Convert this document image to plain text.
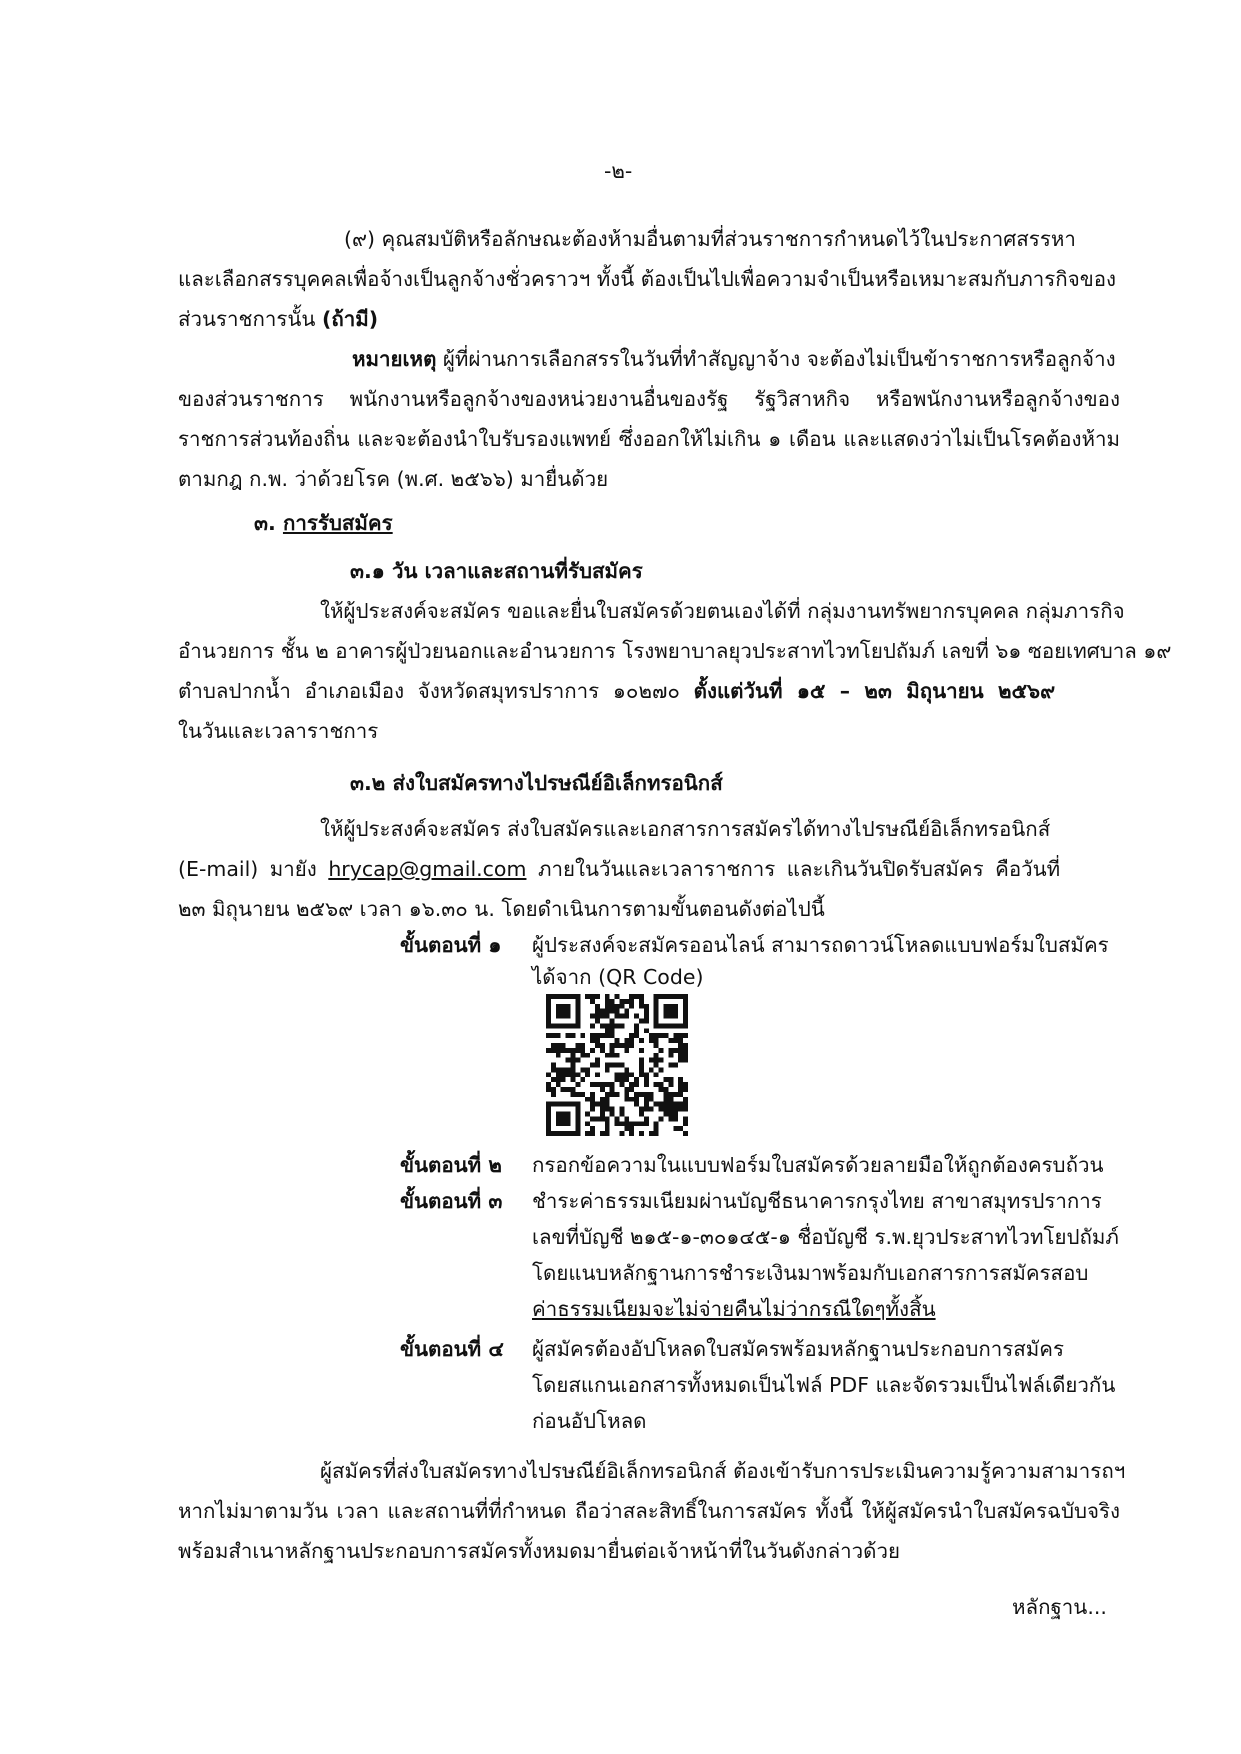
-๒-
(๙) คุณสมบัติหรือลักษณะต้องห้ามอื่นตามที่ส่วนราชการกำหนดไว้ในประกาศสรรหา
และเลือกสรรบุคคลเพื่อจ้างเป็นลูกจ้างชั่วคราวฯ ทั้งนี้ ต้องเป็นไปเพื่อความจำเป็นหรือเหมาะสมกับภารกิจของ
ส่วนราชการนั้น (ถ้ามี)
หมายเหตุ ผู้ที่ผ่านการเลือกสรรในวันที่ทำสัญญาจ้าง จะต้องไม่เป็นข้าราชการหรือลูกจ้าง
ของส่วนราชการ พนักงานหรือลูกจ้างของหน่วยงานอื่นของรัฐ รัฐวิสาหกิจ หรือพนักงานหรือลูกจ้างของ
ราชการส่วนท้องถิ่น และจะต้องนำใบรับรองแพทย์ ซึ่งออกให้ไม่เกิน ๑ เดือน และแสดงว่าไม่เป็นโรคต้องห้าม
ตามกฎ ก.พ. ว่าด้วยโรค (พ.ศ. ๒๕๖๖) มายื่นด้วย
๓. การรับสมัคร
๓.๑ วัน เวลาและสถานที่รับสมัคร
ให้ผู้ประสงค์จะสมัคร ขอและยื่นใบสมัครด้วยตนเองได้ที่ กลุ่มงานทรัพยากรบุคคล กลุ่มภารกิจ
อำนวยการ ชั้น ๒ อาคารผู้ป่วยนอกและอำนวยการ โรงพยาบาลยุวประสาทไวทโยปถัมภ์ เลขที่ ๖๑ ซอยเทศบาล ๑๙
ตำบลปากน้ำ อำเภอเมือง จังหวัดสมุทรปราการ ๑๐๒๗๐ ตั้งแต่วันที่ ๑๕ – ๒๓ มิถุนายน ๒๕๖๙
ในวันและเวลาราชการ
๓.๒ ส่งใบสมัครทางไปรษณีย์อิเล็กทรอนิกส์
ให้ผู้ประสงค์จะสมัคร ส่งใบสมัครและเอกสารการสมัครได้ทางไปรษณีย์อิเล็กทรอนิกส์
(E-mail) มายัง hrycap@gmail.com ภายในวันและเวลาราชการ และเกินวันปิดรับสมัคร คือวันที่
๒๓ มิถุนายน ๒๕๖๙ เวลา ๑๖.๓๐ น. โดยดำเนินการตามขั้นตอนดังต่อไปนี้
ขั้นตอนที่ ๑ ผู้ประสงค์จะสมัครออนไลน์ สามารถดาวน์โหลดแบบฟอร์มใบสมัคร
ได้จาก (QR Code)
ขั้นตอนที่ ๒ กรอกข้อความในแบบฟอร์มใบสมัครด้วยลายมือให้ถูกต้องครบถ้วน
ขั้นตอนที่ ๓ ชำระค่าธรรมเนียมผ่านบัญชีธนาคารกรุงไทย สาขาสมุทรปราการ
เลขที่บัญชี ๒๑๕-๑-๓๐๑๔๕-๑ ชื่อบัญชี ร.พ.ยุวประสาทไวทโยปถัมภ์
โดยแนบหลักฐานการชำระเงินมาพร้อมกับเอกสารการสมัครสอบ
ค่าธรรมเนียมจะไม่จ่ายคืนไม่ว่ากรณีใดๆทั้งสิ้น
ขั้นตอนที่ ๔ ผู้สมัครต้องอัปโหลดใบสมัครพร้อมหลักฐานประกอบการสมัคร
โดยสแกนเอกสารทั้งหมดเป็นไฟล์ PDF และจัดรวมเป็นไฟล์เดียวกัน
ก่อนอัปโหลด
ผู้สมัครที่ส่งใบสมัครทางไปรษณีย์อิเล็กทรอนิกส์ ต้องเข้ารับการประเมินความรู้ความสามารถฯ
หากไม่มาตามวัน เวลา และสถานที่ที่กำหนด ถือว่าสละสิทธิ์ในการสมัคร ทั้งนี้ ให้ผู้สมัครนำใบสมัครฉบับจริง
พร้อมสำเนาหลักฐานประกอบการสมัครทั้งหมดมายื่นต่อเจ้าหน้าที่ในวันดังกล่าวด้วย
หลักฐาน...
